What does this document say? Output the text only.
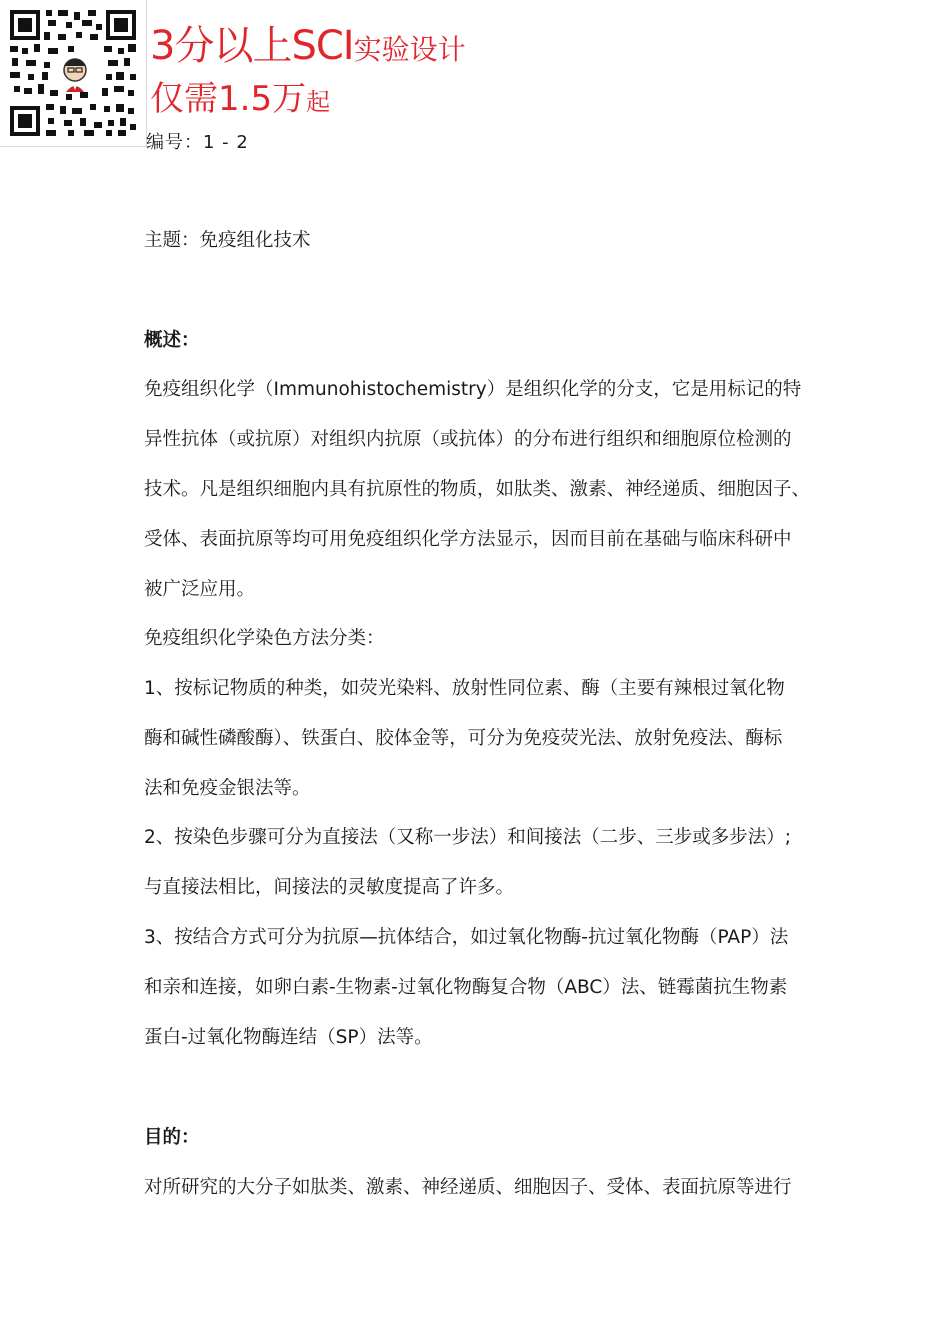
3分以上SCI实验设计
仅需1.5万起
编号：1 - 2
主题：免疫组化技术
概述：
免疫组织化学（Immunohistochemistry）是组织化学的分支，它是用标记的特
异性抗体（或抗原）对组织内抗原（或抗体）的分布进行组织和细胞原位检测的
技术。凡是组织细胞内具有抗原性的物质，如肽类、激素、神经递质、细胞因子、
受体、表面抗原等均可用免疫组织化学方法显示，因而目前在基础与临床科研中
被广泛应用。
免疫组织化学染色方法分类：
1、按标记物质的种类，如荧光染料、放射性同位素、酶（主要有辣根过氧化物
酶和碱性磷酸酶）、铁蛋白、胶体金等，可分为免疫荧光法、放射免疫法、酶标
法和免疫金银法等。
2、按染色步骤可分为直接法（又称一步法）和间接法（二步、三步或多步法）;
与直接法相比，间接法的灵敏度提高了许多。
3、按结合方式可分为抗原—抗体结合，如过氧化物酶-抗过氧化物酶（PAP）法
和亲和连接，如卵白素-生物素-过氧化物酶复合物（ABC）法、链霉菌抗生物素
蛋白-过氧化物酶连结（SP）法等。
目的：
对所研究的大分子如肽类、激素、神经递质、细胞因子、受体、表面抗原等进行
